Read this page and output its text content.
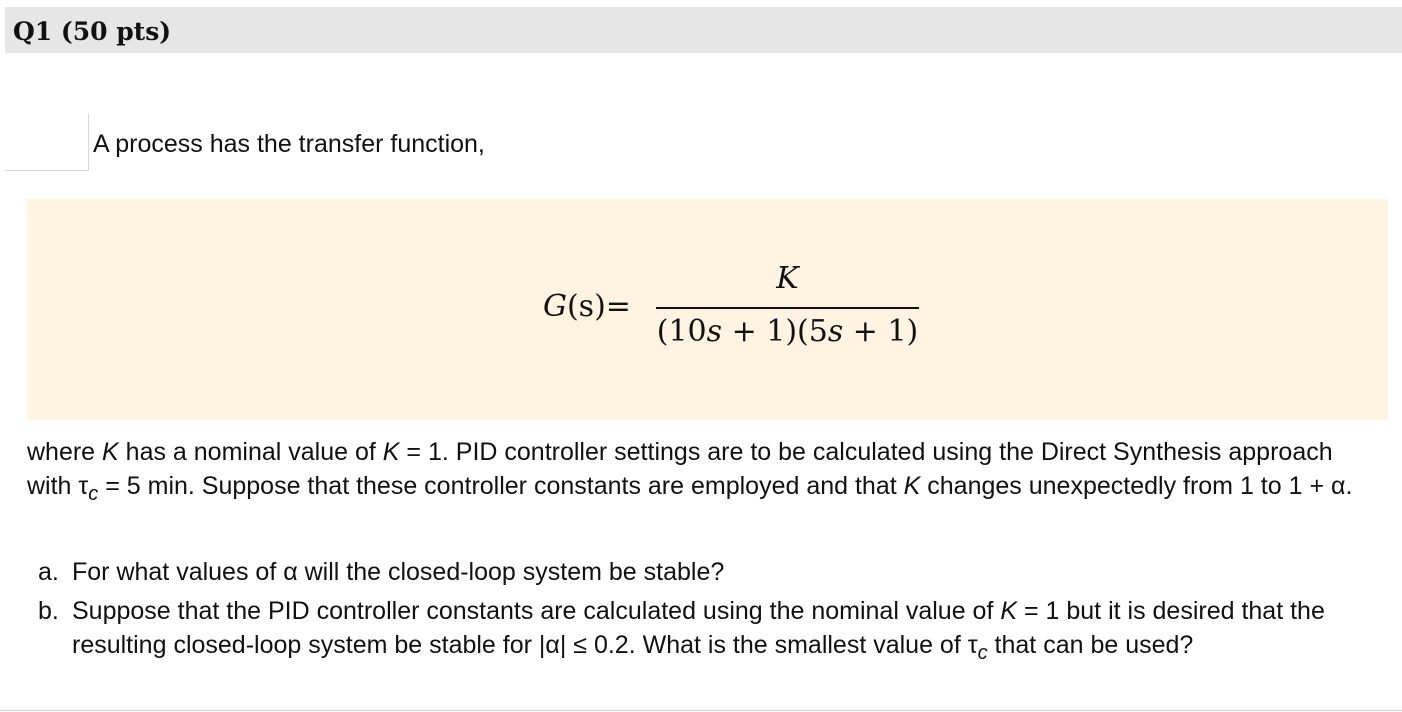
Q1 (50 pts)
A process has the transfer function,
G(s)=
K
(10s + 1)(5s + 1)
where K has a nominal value of K = 1. PID controller settings are to be calculated using the Direct Synthesis approach with $\tau_c = 5$ min. Suppose that these controller constants are employed and that K changes unexpectedly from 1 to 1 + α.
a. For what values of α will the closed-loop system be stable?
b. Suppose that the PID controller constants are calculated using the nominal value of K = 1 but it is desired that the resulting closed-loop system be stable for |α| ≤ 0.2. What is the smallest value of $\tau_c$ that can be used?
